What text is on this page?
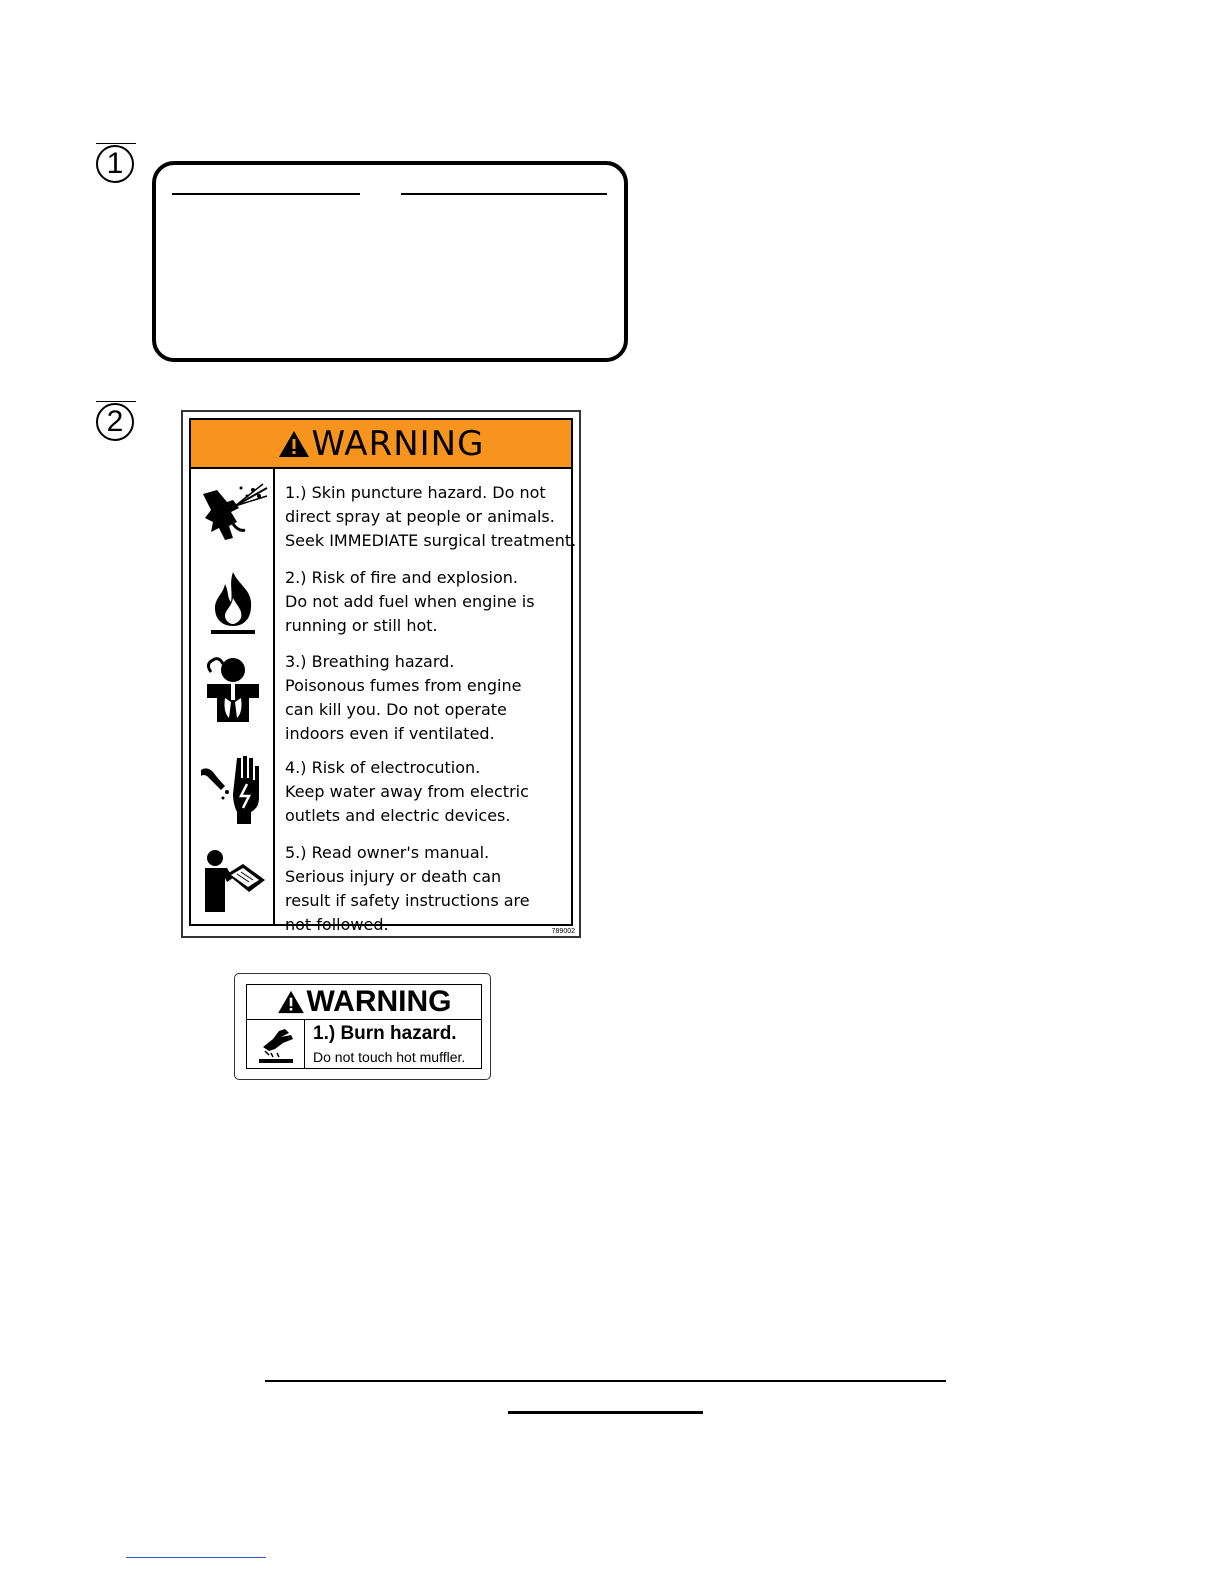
1
2
WARNING
1.) Skin puncture hazard. Do not
direct spray at people or animals.
Seek IMMEDIATE surgical treatment.
2.) Risk of fire and explosion.
Do not add fuel when engine is
running or still hot.
3.) Breathing hazard.
Poisonous fumes from engine
can kill you. Do not operate
indoors even if ventilated.
4.) Risk of electrocution.
Keep water away from electric
outlets and electric devices.
5.) Read owner's manual.
Serious injury or death can
result if safety instructions are
not followed.	789002
WARNING
1.) Burn hazard.
Do not touch hot muffler.
